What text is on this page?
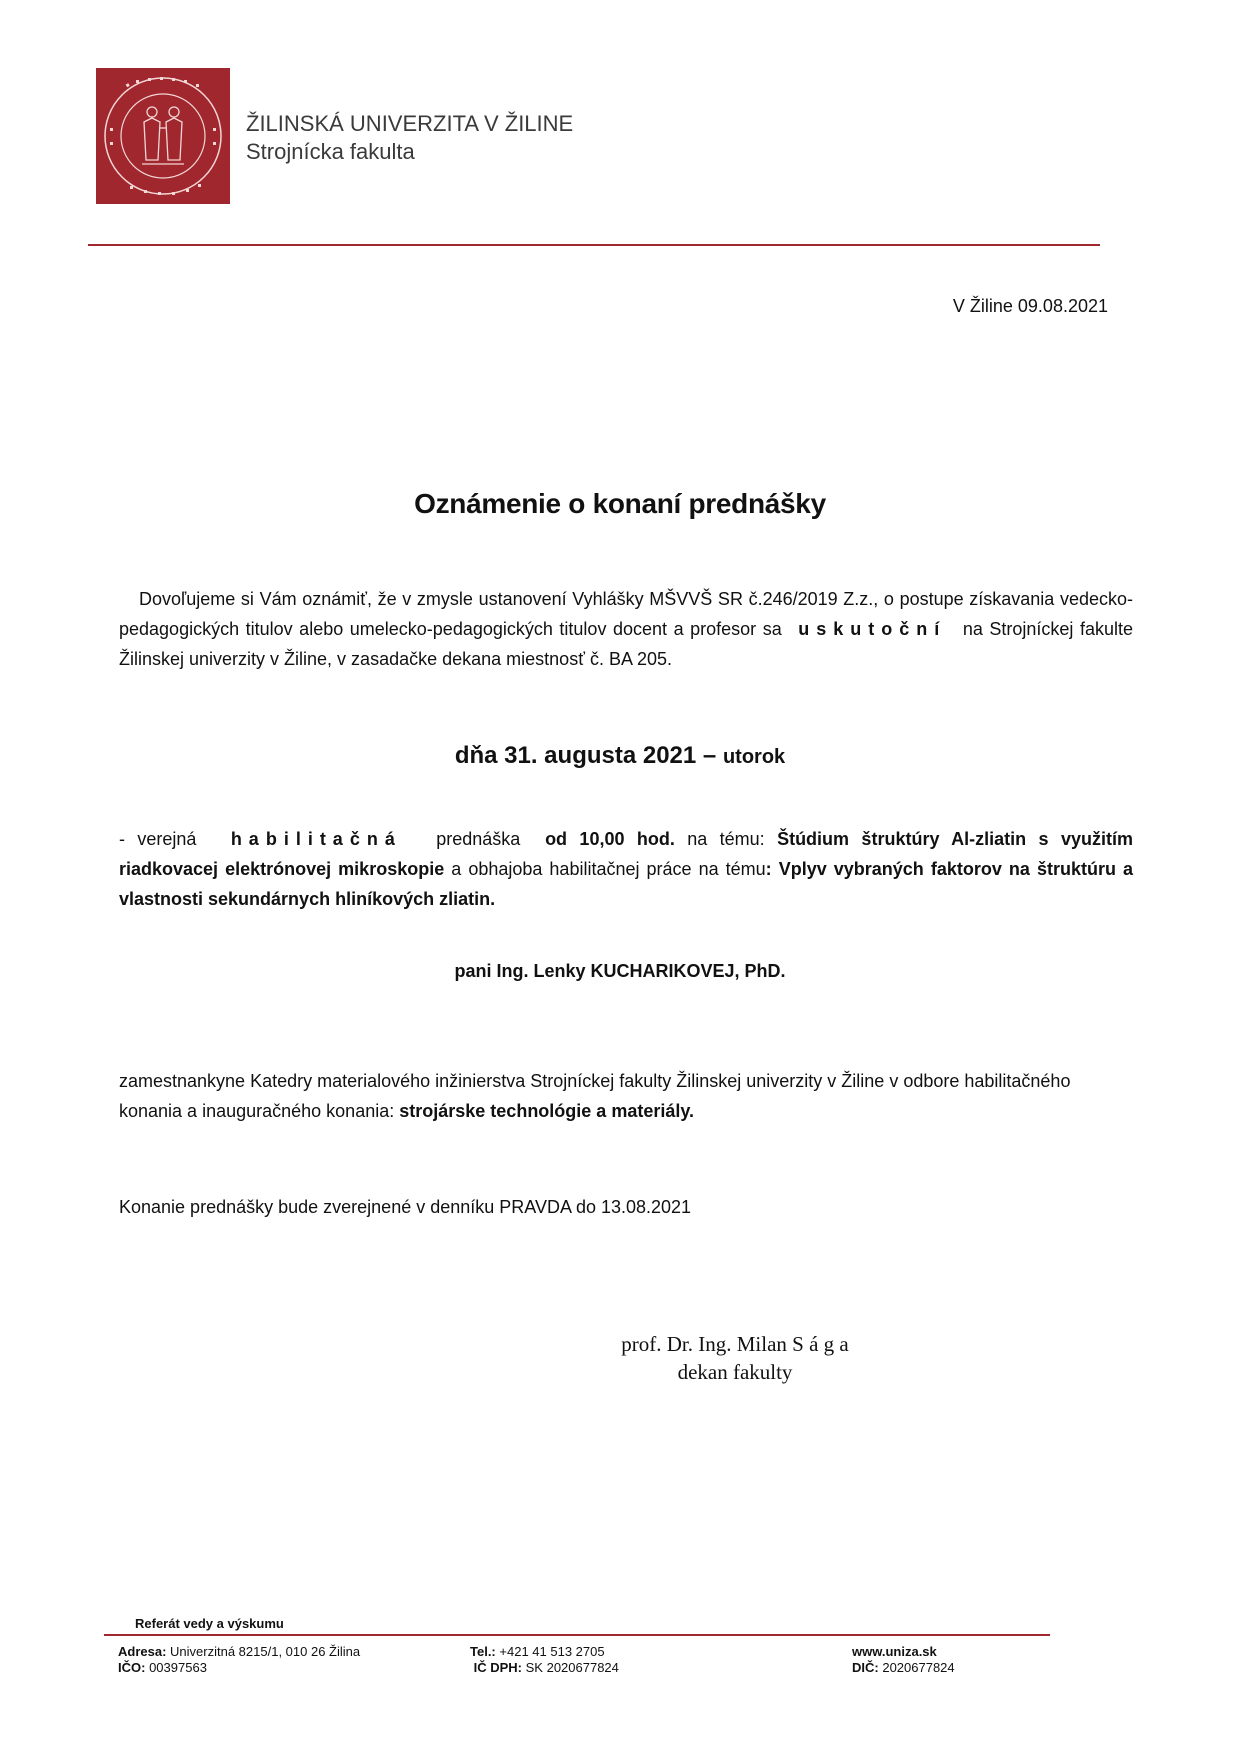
ŽILINSKÁ UNIVERZITA V ŽILINE
Strojnícka fakulta
V Žiline 09.08.2021
Oznámenie o konaní prednášky
Dovoľujeme si Vám oznámiť, že v zmysle ustanovení Vyhlášky MŠVVŠ SR č.246/2019 Z.z., o postupe získavania vedecko-pedagogických titulov alebo umelecko-pedagogických titulov docent a profesor sa uskutoční na Strojníckej fakulte Žilinskej univerzity v Žiline, v zasadačke dekana miestnosť č. BA 205.
dňa 31. augusta 2021 – utorok
- verejná habilitačná prednáška od 10,00 hod. na tému: Štúdium štruktúry Al-zliatin s využitím riadkovacej elektrónovej mikroskopie a obhajoba habilitačnej práce na tému: Vplyv vybraných faktorov na štruktúru a vlastnosti sekundárnych hliníkových zliatin.
pani Ing. Lenky KUCHARIKOVEJ, PhD.
zamestnankyne Katedry materialového inžinierstva Strojníckej fakulty Žilinskej univerzity v Žiline v odbore habilitačného konania a inauguračného konania: strojárske technológie a materiály.
Konanie prednášky bude zverejnené v denníku PRAVDA do 13.08.2021
prof. Dr. Ing. Milan S á g a
dekan fakulty
Referát vedy a výskumu
Adresa: Univerzitná 8215/1, 010 26 Žilina
IČO: 00397563
Tel.: +421 41 513 2705
IČ DPH: SK 2020677824
www.uniza.sk
DIČ: 2020677824
